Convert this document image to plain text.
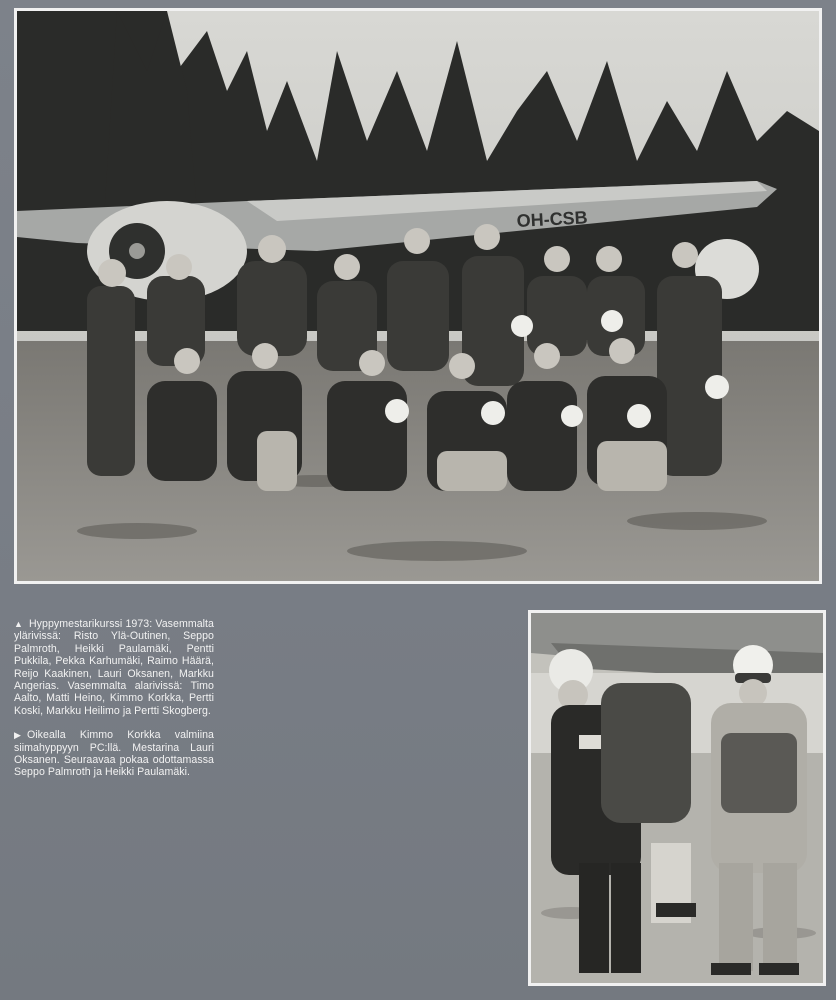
OH-CSB

▲ Hyppymestarikurssi 1973: Vasemmalta ylärivissä: Risto Ylä-Outinen, Seppo Palmroth, Heikki Paulamäki, Pentti Pukkila, Pekka Karhumäki, Raimo Häärä, Reijo Kaakinen, Lauri Oksanen, Markku Angerias. Vasemmalta alarivissä: Timo Aalto, Matti Heino, Kimmo Korkka, Pertti Koski, Markku Heilimo ja Pertti Skogberg.

▶ Oikealla Kimmo Korkka valmiina siimahyppyyn PC:llä. Mestarina Lauri Oksanen. Seuraavaa pokaa odottamassa Seppo Palmroth ja Heikki Paulamäki.
